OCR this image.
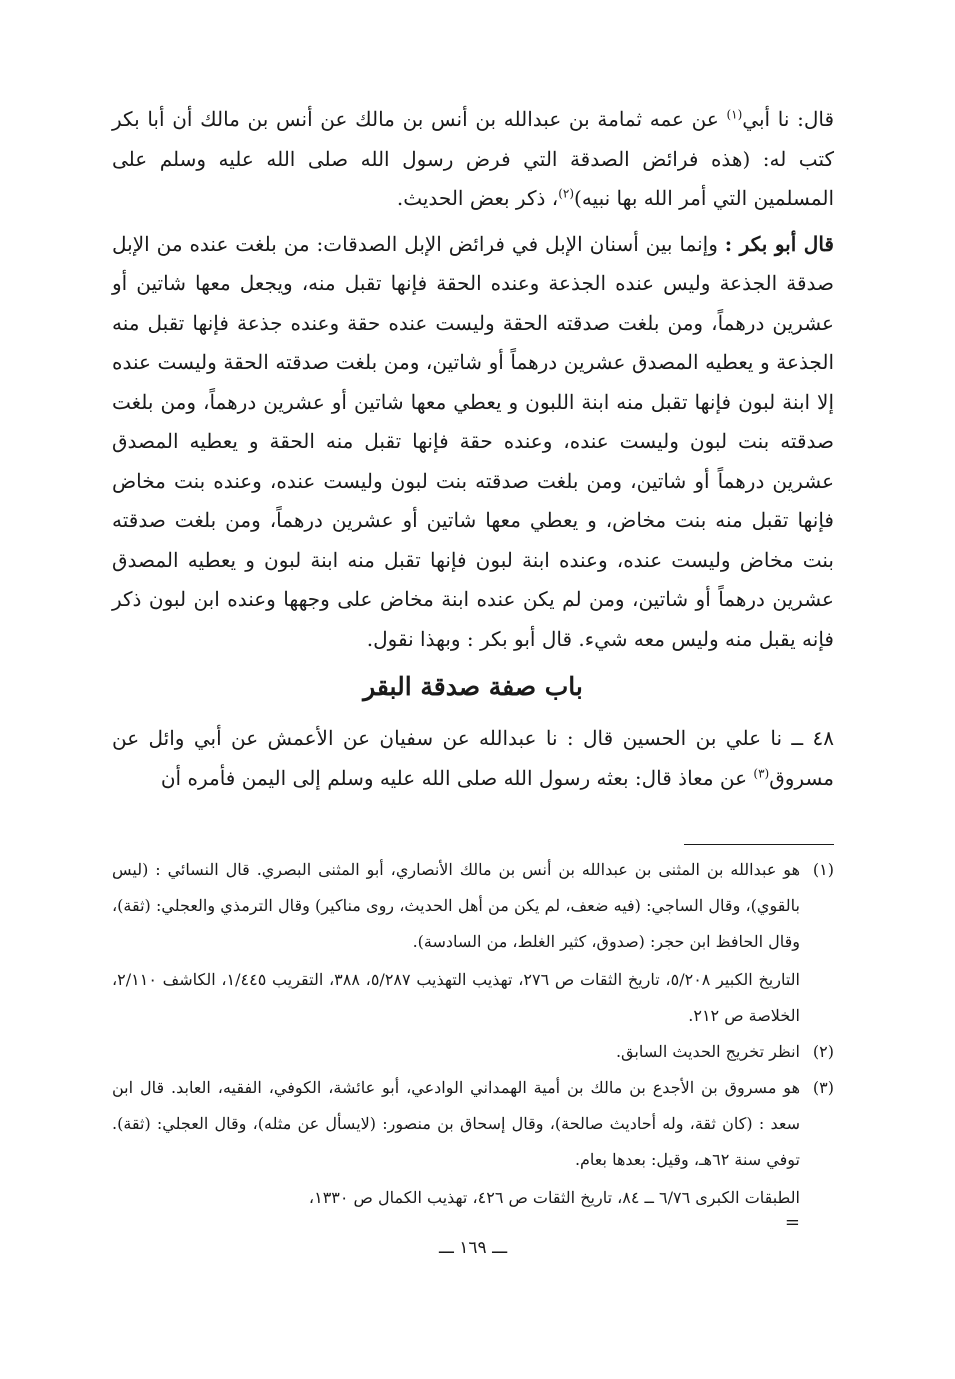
قال: نا أبي$^{(١)}$ عن عمه ثمامة بن عبدالله بن أنس بن مالك عن أنس بن مالك أن أبا بكر كتب له: (هذه فرائض الصدقة التي فرض رسول الله صلى الله عليه وسلم على المسلمين التي أمر الله بها نبيه)$^{(٢)}$، ذكر بعض الحديث.

قال أبو بكر : وإنما بين أسنان الإبل في فرائض الإبل الصدقات: من بلغت عنده من الإبل صدقة الجذعة وليس عنده الجذعة وعنده الحقة فإنها تقبل منه، ويجعل معها شاتين أو عشرين درهماً، ومن بلغت صدقته الحقة وليست عنده حقة وعنده جذعة فإنها تقبل منه الجذعة و يعطيه المصدق عشرين درهماً أو شاتين، ومن بلغت صدقته الحقة وليست عنده إلا ابنة لبون فإنها تقبل منه ابنة اللبون و يعطي معها شاتين أو عشرين درهماً، ومن بلغت صدقته بنت لبون وليست عنده، وعنده حقة فإنها تقبل منه الحقة و يعطيه المصدق عشرين درهماً أو شاتين، ومن بلغت صدقته بنت لبون وليست عنده، وعنده بنت مخاض فإنها تقبل منه بنت مخاض، و يعطي معها شاتين أو عشرين درهماً، ومن بلغت صدقته بنت مخاض وليست عنده، وعنده ابنة لبون فإنها تقبل منه ابنة لبون و يعطيه المصدق عشرين درهماً أو شاتين، ومن لم يكن عنده ابنة مخاض على وجهها وعنده ابن لبون ذكر فإنه يقبل منه وليس معه شيء. قال أبو بكر : وبهذا نقول.

باب صفة صدقة البقر

٤٨ ــ نا علي بن الحسين قال : نا عبدالله عن سفيان عن الأعمش عن أبي وائل عن مسروق$^{(٣)}$ عن معاذ قال: بعثه رسول الله صلى الله عليه وسلم إلى اليمن فأمره أن

(١)
هو عبدالله بن المثنى بن عبدالله بن أنس بن مالك الأنصاري، أبو المثنى البصري. قال النسائي : (ليس بالقوي)، وقال الساجي: (فيه ضعف، لم يكن من أهل الحديث، روى مناكير) وقال الترمذي والعجلي: (ثقة)، وقال الحافظ ابن حجر: (صدوق، كثير الغلط، من السادسة).
التاريخ الكبير ٥/٢٠٨، تاريخ الثقات ص ٢٧٦، تهذيب التهذيب ٥/٢٨٧، ٣٨٨، التقريب ١/٤٤٥، الكاشف ٢/١١٠، الخلاصة ص ٢١٢.
(٢)
انظر تخريج الحديث السابق.
(٣)
هو مسروق بن الأجدع بن مالك بن أمية الهمداني الوادعي، أبو عائشة، الكوفي، الفقيه، العابد. قال ابن سعد : (كان ثقة، وله أحاديث صالحة)، وقال إسحاق بن منصور: (لايسأل عن مثله)، وقال العجلي: (ثقة). توفي سنة ٦٢هـ، وقيل: بعدها بعام.
الطبقات الكبرى ٦/٧٦ ــ ٨٤، تاريخ الثقات ص ٤٢٦، تهذيب الكمال ص ١٣٣٠،
=
ـــ ١٦٩ ـــ
